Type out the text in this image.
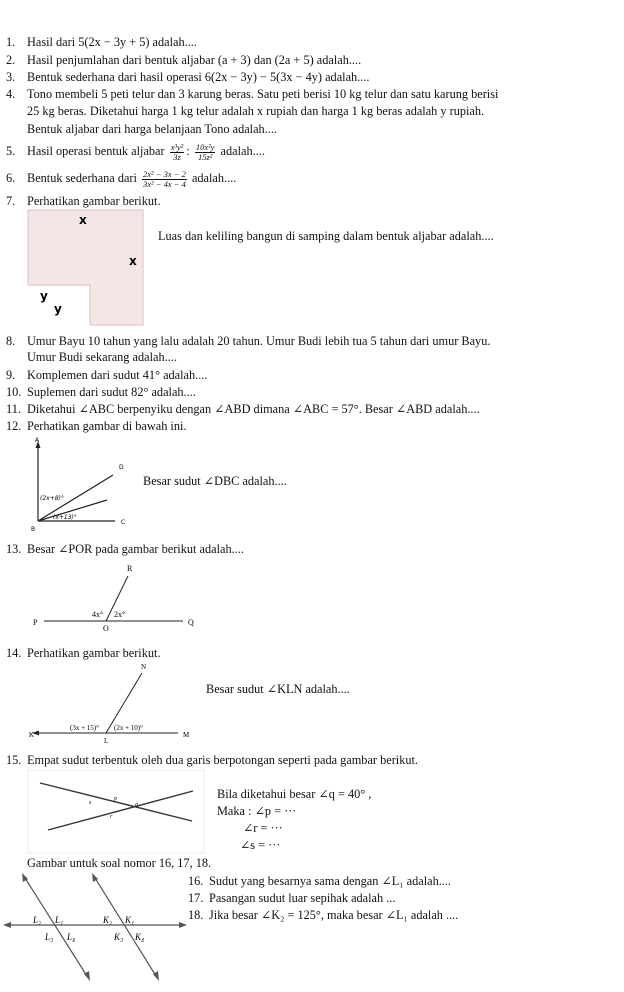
1. Hasil dari 5(2x − 3y + 5) adalah....
2. Hasil penjumlahan dari bentuk aljabar (a + 3) dan (2a + 5) adalah....
3. Bentuk sederhana dari hasil operasi 6(2x − 3y) − 5(3x − 4y) adalah....
4. Tono membeli 5 peti telur dan 3 karung beras. Satu peti berisi 10 kg telur dan satu karung berisi
25 kg beras. Diketahui harga 1 kg telur adalah x rupiah dan harga 1 kg beras adalah y rupiah.
Bentuk aljabar dari harga belanjaan Tono adalah....
5. Hasil operasi bentuk aljabar $\frac{\text{x³y²}}{3z}$ : $\frac{\text{10x²y}}{\text{15z²}}$ adalah....
6. Bentuk sederhana dari $\frac{\text{2x² − 3x − 2}}{\text{3x² − 4x − 4}}$ adalah....
7. Perhatikan gambar berikut.
x
x
y
y
Luas dan keliling bangun di samping dalam bentuk aljabar adalah....
8. Umur Bayu 10 tahun yang lalu adalah 20 tahun. Umur Budi lebih tua 5 tahun dari umur Bayu.
Umur Budi sekarang adalah....
9. Komplemen dari sudut 41° adalah....
10. Suplemen dari sudut 82° adalah....
11. Diketahui ∠ABC berpenyiku dengan ∠ABD dimana ∠ABC = 57°. Besar ∠ABD adalah....
12. Perhatikan gambar di bawah ini.
A
B
C
D
(2x+8)°
(x+13)°
Besar sudut ∠DBC adalah....
13. Besar ∠POR pada gambar berikut adalah....
P	Q
O
R
4x° 2x°
14. Perhatikan gambar berikut.
N
K
L
M
(3x + 15)° (2x + 10)°
Besar sudut ∠KLN adalah....
15. Empat sudut terbentuk oleh dua garis berpotongan seperti pada gambar berikut.
p
q
r
s
Bila diketahui besar ∠q = 40° ,
Maka : ∠p = ···
∠r = ···
∠s = ···
Gambar untuk soal nomor 16, 17, 18.
L₂ L₁
L₃ L₄
K₂ K₁
K₃ K₄
16. Sudut yang besarnya sama dengan ∠L₁ adalah....
17. Pasangan sudut luar sepihak adalah ...
18. Jika besar ∠K₂ = 125°, maka besar ∠L₁ adalah ....
